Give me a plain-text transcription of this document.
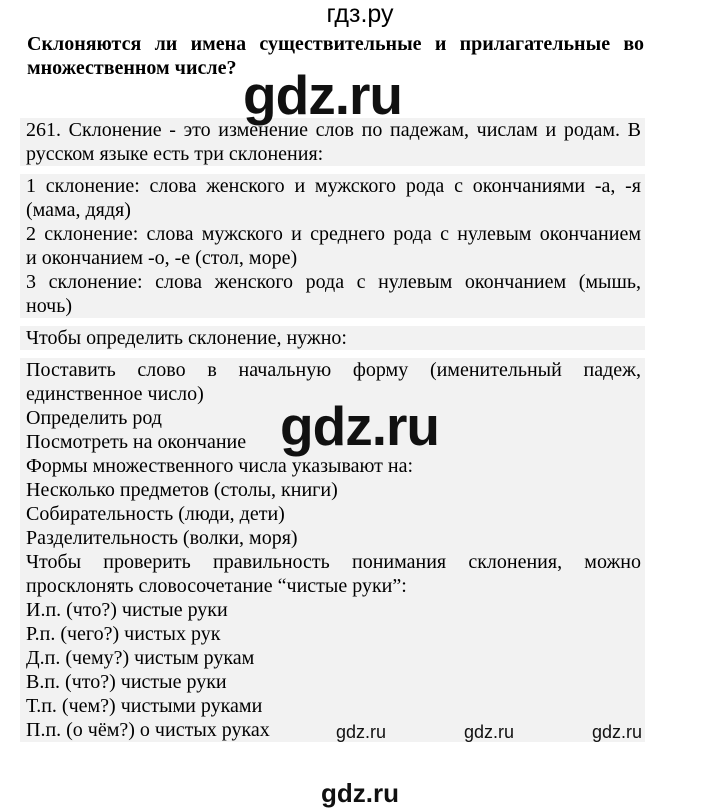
гдз.ру
Склоняются ли имена существительные и прилагательные во множественном числе?
261. Склонение - это изменение слов по падежам, числам и родам. В
русском языке есть три склонения:
1 склонение: слова женского и мужского рода с окончаниями -а, -я
(мама, дядя)
2 склонение: слова мужского и среднего рода с нулевым окончанием
и окончанием -о, -е (стол, море)
3 склонение: слова женского рода с нулевым окончанием (мышь,
ночь)
Чтобы определить склонение, нужно:
Поставить слово в начальную форму (именительный падеж,
единственное число)
Определить род
Посмотреть на окончание
Формы множественного числа указывают на:
Несколько предметов (столы, книги)
Собирательность (люди, дети)
Разделительность (волки, моря)
Чтобы проверить правильность понимания склонения, можно
просклонять словосочетание “чистые руки”:
И.п. (что?) чистые руки
Р.п. (чего?) чистых рук
Д.п. (чему?) чистым рукам
В.п. (что?) чистые руки
Т.п. (чем?) чистыми руками
П.п. (о чём?) о чистых руках
gdz.ru
gdz.ru
gdz.ru	gdz.ru	gdz.ru
gdz.ru
